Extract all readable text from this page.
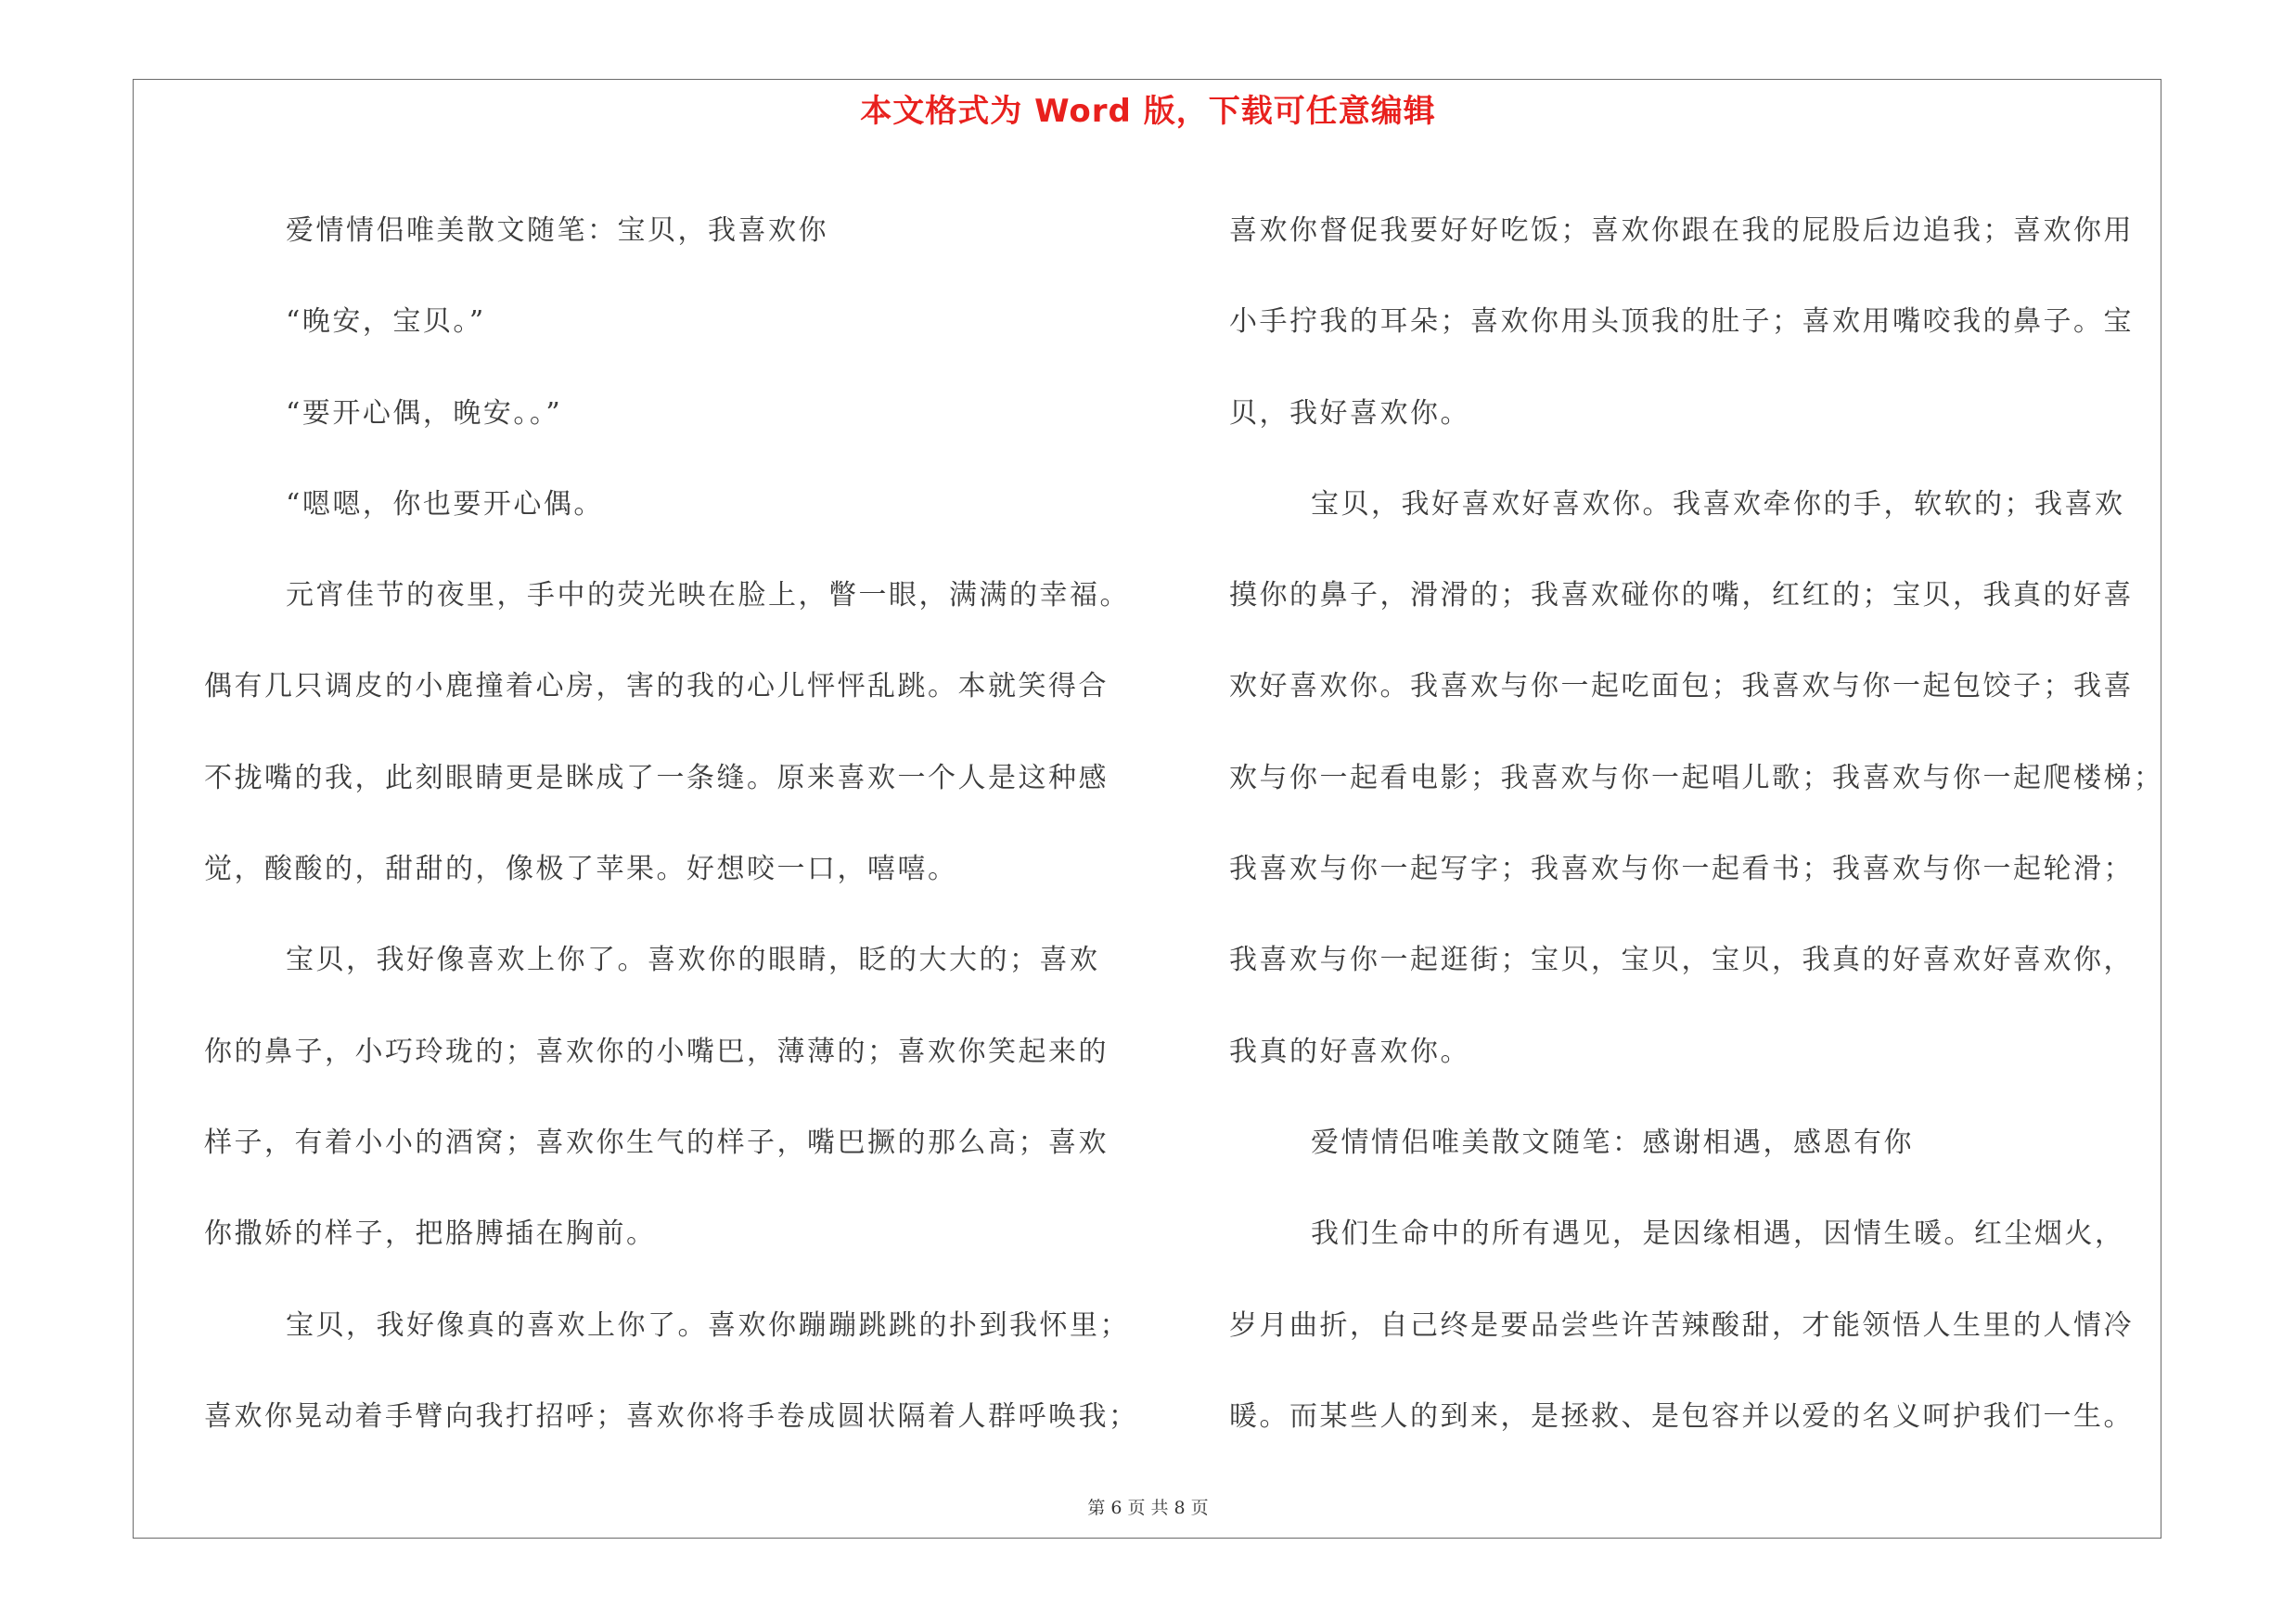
本文格式为 Word 版，下载可任意编辑

爱情情侣唯美散文随笔：宝贝，我喜欢你

“晚安，宝贝。”

“要开心偶，晚安。。”

“嗯嗯，你也要开心偶。

元宵佳节的夜里，手中的荧光映在脸上，瞥一眼，满满的幸福。

偶有几只调皮的小鹿撞着心房，害的我的心儿怦怦乱跳。本就笑得合

不拢嘴的我，此刻眼睛更是眯成了一条缝。原来喜欢一个人是这种感

觉，酸酸的，甜甜的，像极了苹果。好想咬一口，嘻嘻。

宝贝，我好像喜欢上你了。喜欢你的眼睛，眨的大大的；喜欢

你的鼻子，小巧玲珑的；喜欢你的小嘴巴，薄薄的；喜欢你笑起来的

样子，有着小小的酒窝；喜欢你生气的样子，嘴巴撅的那么高；喜欢

你撒娇的样子，把胳膊插在胸前。

宝贝，我好像真的喜欢上你了。喜欢你蹦蹦跳跳的扑到我怀里；

喜欢你晃动着手臂向我打招呼；喜欢你将手卷成圆状隔着人群呼唤我；

喜欢你督促我要好好吃饭；喜欢你跟在我的屁股后边追我；喜欢你用

小手拧我的耳朵；喜欢你用头顶我的肚子；喜欢用嘴咬我的鼻子。宝

贝，我好喜欢你。

宝贝，我好喜欢好喜欢你。我喜欢牵你的手，软软的；我喜欢

摸你的鼻子，滑滑的；我喜欢碰你的嘴，红红的；宝贝，我真的好喜

欢好喜欢你。我喜欢与你一起吃面包；我喜欢与你一起包饺子；我喜

欢与你一起看电影；我喜欢与你一起唱儿歌；我喜欢与你一起爬楼梯；

我喜欢与你一起写字；我喜欢与你一起看书；我喜欢与你一起轮滑；

我喜欢与你一起逛街；宝贝，宝贝，宝贝，我真的好喜欢好喜欢你，

我真的好喜欢你。

爱情情侣唯美散文随笔：感谢相遇，感恩有你

我们生命中的所有遇见，是因缘相遇，因情生暖。红尘烟火，

岁月曲折，自己终是要品尝些许苦辣酸甜，才能领悟人生里的人情冷

暖。而某些人的到来，是拯救、是包容并以爱的名义呵护我们一生。

第 6 页 共 8 页
